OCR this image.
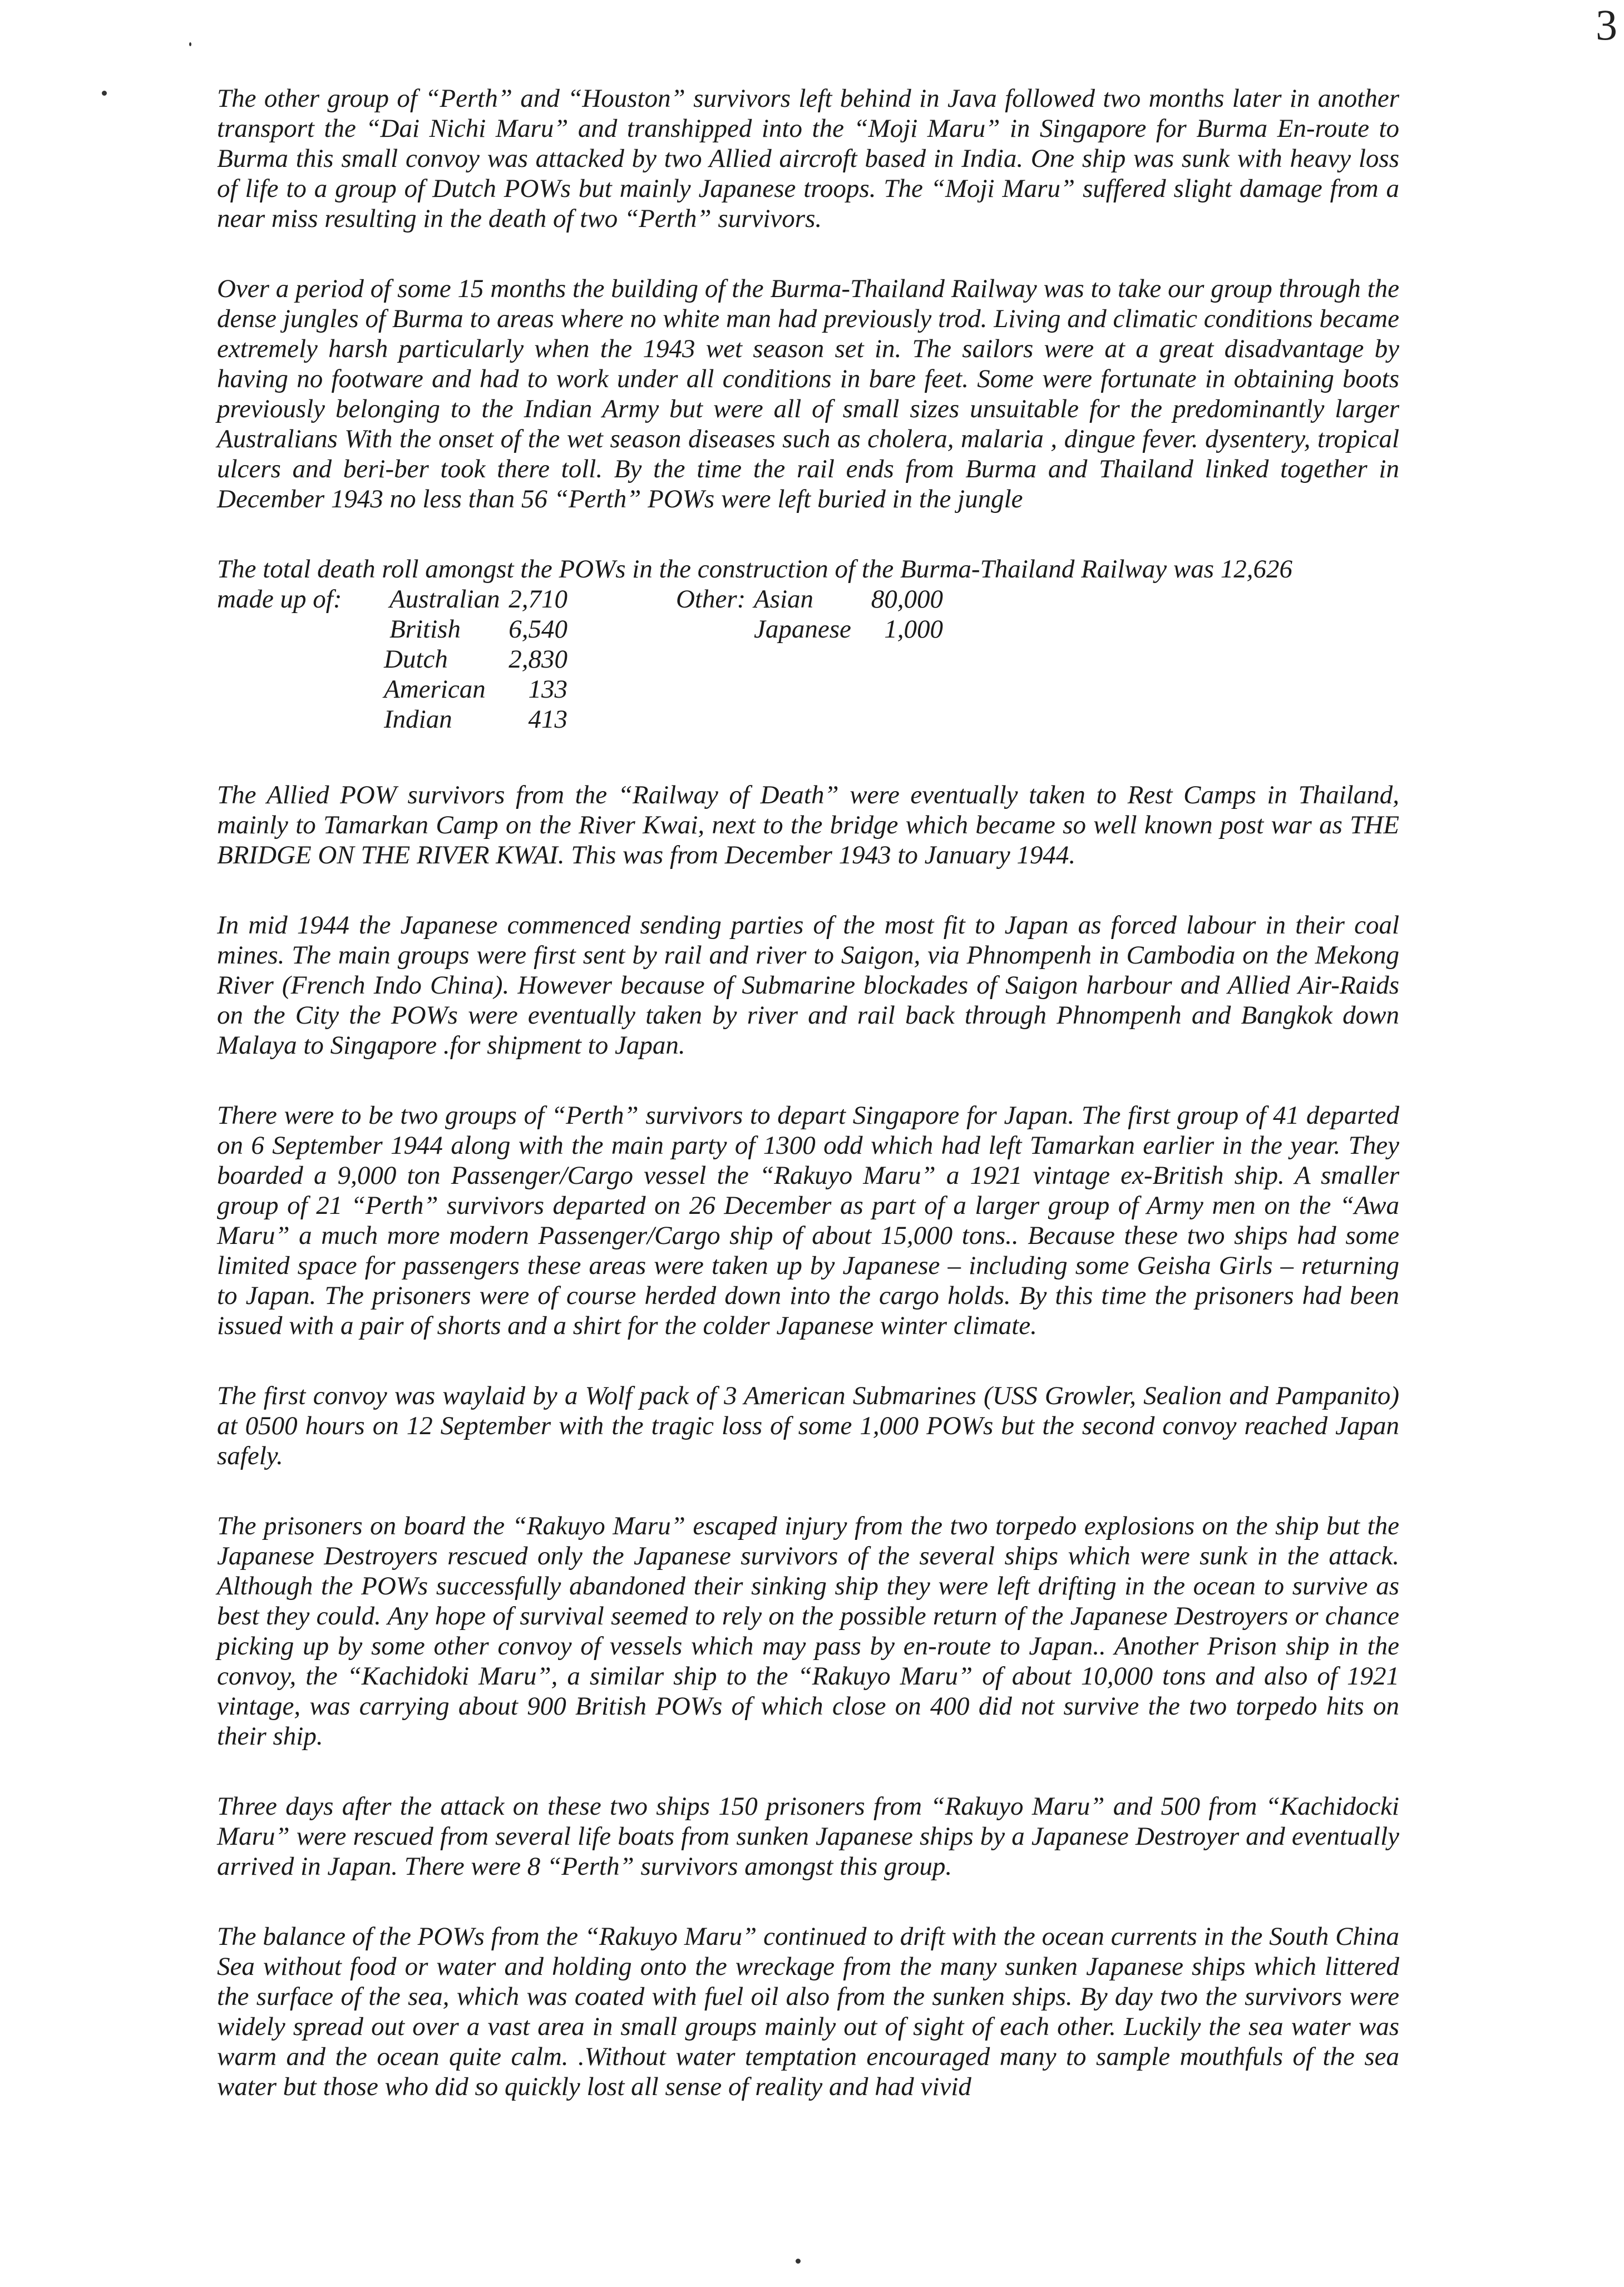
3

The other group of “Perth” and “Houston” survivors left behind in Java followed two months later in another transport the “Dai Nichi Maru” and transhipped into the “Moji Maru” in Singapore for Burma En-route to Burma this small convoy was attacked by two Allied aircroft based in India. One ship was sunk with heavy loss of life to a group of Dutch POWs but mainly Japanese troops. The “Moji Maru” suffered slight damage from a near miss resulting in the death of two “Perth” survivors.

Over a period of some 15 months the building of the Burma-Thailand Railway was to take our group through the dense jungles of Burma to areas where no white man had previously trod. Living and climatic conditions became extremely harsh particularly when the 1943 wet season set in. The sailors were at a great disadvantage by having no footware and had to work under all conditions in bare feet. Some were fortunate in obtaining boots previously belonging to the Indian Army but were all of small sizes unsuitable for the predominantly larger Australians With the onset of the wet season diseases such as cholera, malaria , dingue fever. dysentery, tropical ulcers and beri-ber took there toll. By the time the rail ends from Burma and Thailand linked together in December 1943 no less than 56 “Perth” POWs were left buried in the jungle

The total death roll amongst the POWs in the construction of the Burma-Thailand Railway was 12,626
made up of: Australian 2,710
British	6,540
Dutch	2,830
American	133
Indian	413
Other: Asian	80,000
Japanese	1,000

The Allied POW survivors from the “Railway of Death” were eventually taken to Rest Camps in Thailand, mainly to Tamarkan Camp on the River Kwai, next to the bridge which became so well known post war as THE BRIDGE ON THE RIVER KWAI. This was from December 1943 to January 1944.

In mid 1944 the Japanese commenced sending parties of the most fit to Japan as forced labour in their coal mines. The main groups were first sent by rail and river to Saigon, via Phnompenh in Cambodia on the Mekong River (French Indo China). However because of Submarine blockades of Saigon harbour and Allied Air-Raids on the City the POWs were eventually taken by river and rail back through Phnompenh and Bangkok down Malaya to Singapore .for shipment to Japan.

There were to be two groups of “Perth” survivors to depart Singapore for Japan. The first group of 41 departed on 6 September 1944 along with the main party of 1300 odd which had left Tamarkan earlier in the year. They boarded a 9,000 ton Passenger/Cargo vessel the “Rakuyo Maru” a 1921 vintage ex-British ship. A smaller group of 21 “Perth” survivors departed on 26 December as part of a larger group of Army men on the “Awa Maru” a much more modern Passenger/Cargo ship of about 15,000 tons.. Because these two ships had some limited space for passengers these areas were taken up by Japanese – including some Geisha Girls – returning to Japan. The prisoners were of course herded down into the cargo holds. By this time the prisoners had been issued with a pair of shorts and a shirt for the colder Japanese winter climate.

The first convoy was waylaid by a Wolf pack of 3 American Submarines (USS Growler, Sealion and Pampanito) at 0500 hours on 12 September with the tragic loss of some 1,000 POWs but the second convoy reached Japan safely.

The prisoners on board the “Rakuyo Maru” escaped injury from the two torpedo explosions on the ship but the Japanese Destroyers rescued only the Japanese survivors of the several ships which were sunk in the attack. Although the POWs successfully abandoned their sinking ship they were left drifting in the ocean to survive as best they could. Any hope of survival seemed to rely on the possible return of the Japanese Destroyers or chance picking up by some other convoy of vessels which may pass by en-route to Japan.. Another Prison ship in the convoy, the “Kachidoki Maru”, a similar ship to the “Rakuyo Maru” of about 10,000 tons and also of 1921 vintage, was carrying about 900 British POWs of which close on 400 did not survive the two torpedo hits on their ship.

Three days after the attack on these two ships 150 prisoners from “Rakuyo Maru” and 500 from “Kachidocki Maru” were rescued from several life boats from sunken Japanese ships by a Japanese Destroyer and eventually arrived in Japan. There were 8 “Perth” survivors amongst this group.

The balance of the POWs from the “Rakuyo Maru” continued to drift with the ocean currents in the South China Sea without food or water and holding onto the wreckage from the many sunken Japanese ships which littered the surface of the sea, which was coated with fuel oil also from the sunken ships. By day two the survivors were widely spread out over a vast area in small groups mainly out of sight of each other. Luckily the sea water was warm and the ocean quite calm. .Without water temptation encouraged many to sample mouthfuls of the sea water but those who did so quickly lost all sense of reality and had vivid
